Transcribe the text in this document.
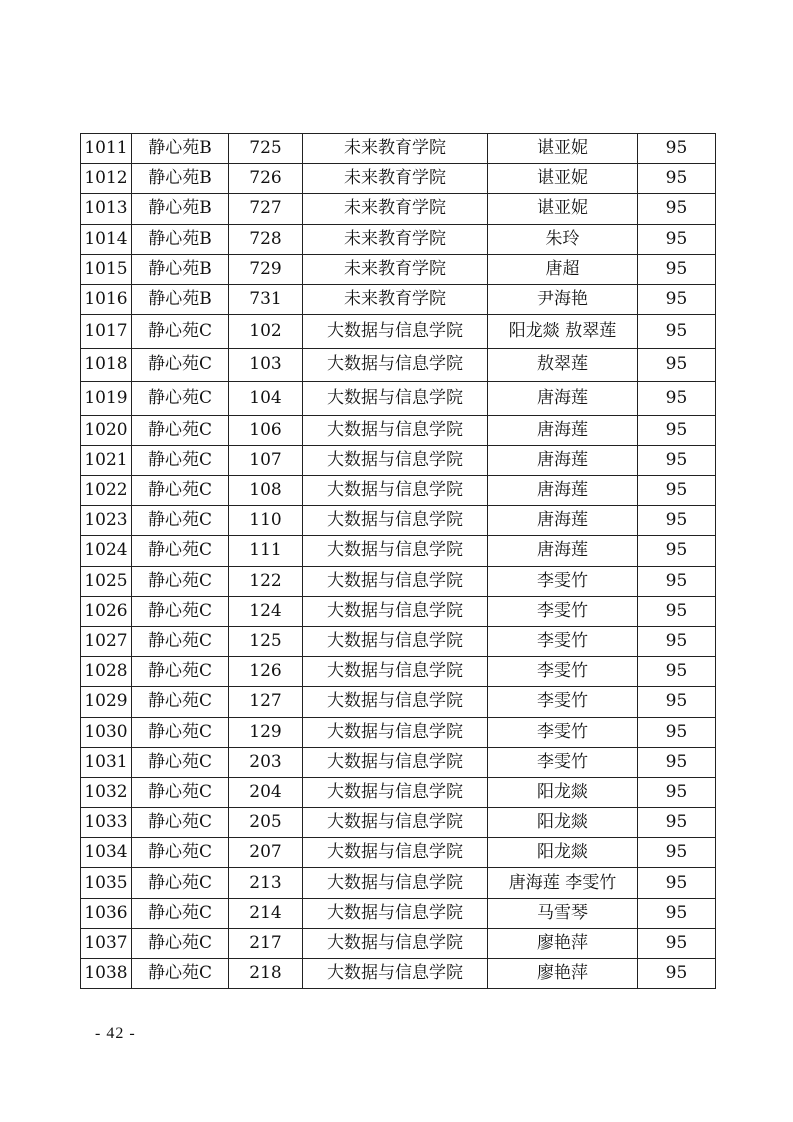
1011	静心苑B	725	未来教育学院	谌亚妮	95
1012	静心苑B	726	未来教育学院	谌亚妮	95
1013	静心苑B	727	未来教育学院	谌亚妮	95
1014	静心苑B	728	未来教育学院	朱玲	95
1015	静心苑B	729	未来教育学院	唐超	95
1016	静心苑B	731	未来教育学院	尹海艳	95
1017	静心苑C	102	大数据与信息学院	阳龙燚 敖翠莲	95
1018	静心苑C	103	大数据与信息学院	敖翠莲	95
1019	静心苑C	104	大数据与信息学院	唐海莲	95
1020	静心苑C	106	大数据与信息学院	唐海莲	95
1021	静心苑C	107	大数据与信息学院	唐海莲	95
1022	静心苑C	108	大数据与信息学院	唐海莲	95
1023	静心苑C	110	大数据与信息学院	唐海莲	95
1024	静心苑C	111	大数据与信息学院	唐海莲	95
1025	静心苑C	122	大数据与信息学院	李雯竹	95
1026	静心苑C	124	大数据与信息学院	李雯竹	95
1027	静心苑C	125	大数据与信息学院	李雯竹	95
1028	静心苑C	126	大数据与信息学院	李雯竹	95
1029	静心苑C	127	大数据与信息学院	李雯竹	95
1030	静心苑C	129	大数据与信息学院	李雯竹	95
1031	静心苑C	203	大数据与信息学院	李雯竹	95
1032	静心苑C	204	大数据与信息学院	阳龙燚	95
1033	静心苑C	205	大数据与信息学院	阳龙燚	95
1034	静心苑C	207	大数据与信息学院	阳龙燚	95
1035	静心苑C	213	大数据与信息学院	唐海莲 李雯竹	95
1036	静心苑C	214	大数据与信息学院	马雪琴	95
1037	静心苑C	217	大数据与信息学院	廖艳萍	95
1038	静心苑C	218	大数据与信息学院	廖艳萍	95
- 42 -
